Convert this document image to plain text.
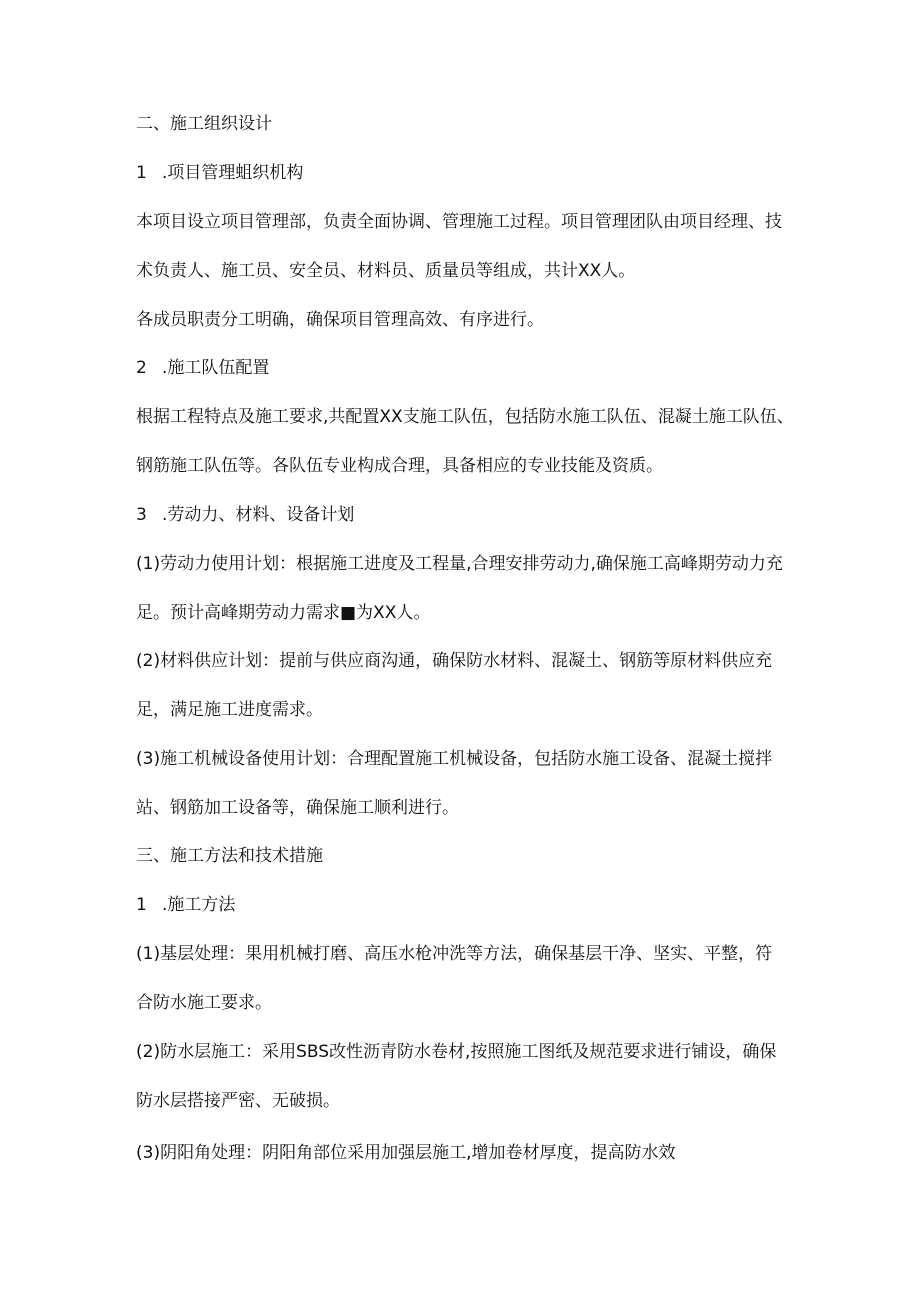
二、施工组织设计
1 .项目管理蛆织机构
本项目设立项目管理部，负责全面协调、管理施工过程。项目管理团队由项目经理、技
术负责人、施工员、安全员、材料员、质量员等组成，共计XX人。
各成员职责分工明确，确保项目管理高效、有序进行。
2 .施工队伍配置
根据工程特点及施工要求,共配置XX支施工队伍，包括防水施工队伍、混凝土施工队伍、
钢筋施工队伍等。各队伍专业构成合理，具备相应的专业技能及资质。
3 .劳动力、材料、设备计划
(1)劳动力使用计划：根据施工进度及工程量,合理安排劳动力,确保施工高峰期劳动力充
足。预计高峰期劳动力需求■为XX人。
(2)材料供应计划：提前与供应商沟通，确保防水材料、混凝土、钢筋等原材料供应充
足，满足施工进度需求。
(3)施工机械设备使用计划：合理配置施工机械设备，包括防水施工设备、混凝土搅拌
站、钢筋加工设备等，确保施工顺利进行。
三、施工方法和技术措施
1 .施工方法
(1)基层处理：果用机械打磨、高压水枪冲洗等方法，确保基层干净、坚实、平整，符
合防水施工要求。
(2)防水层施工：采用SBS改性沥青防水卷材,按照施工图纸及规范要求进行铺设，确保
防水层搭接严密、无破损。
(3)阴阳角处理：阴阳角部位采用加强层施工,增加卷材厚度，提高防水效
